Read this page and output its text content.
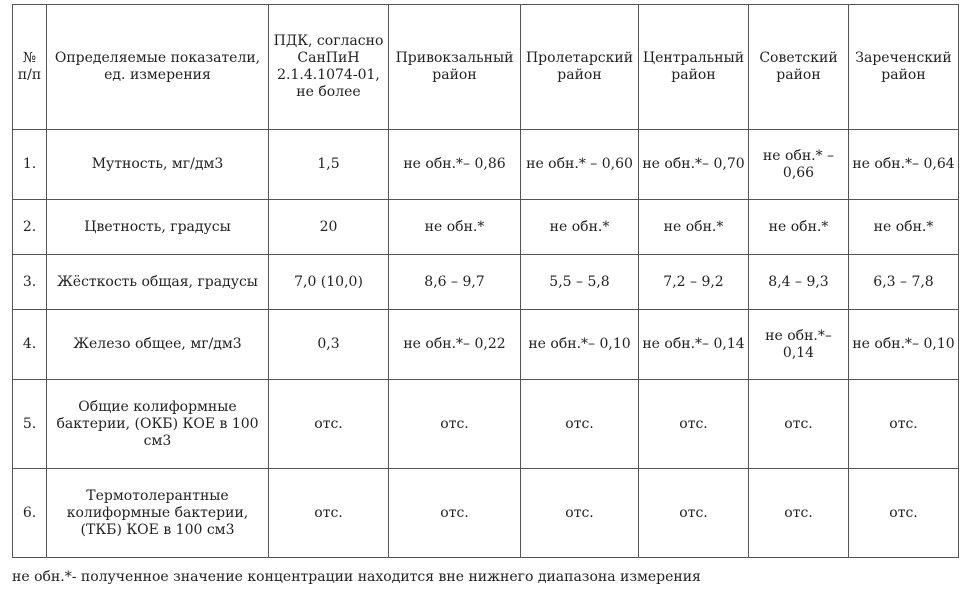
№ п/п	Определяемые показатели, ед. измерения	ПДК, согласно СанПиН 2.1.4.1074-01, не более	Привокзальный район	Пролетарский район	Центральный район	Советский район	Зареченский район
1.	Мутность, мг/дм3	1,5	не обн.*– 0,86	не обн.* – 0,60	не обн.*– 0,70	не обн.* – 0,66	не обн.*– 0,64
2.	Цветность, градусы	20	не обн.*	не обн.*	не обн.*	не обн.*	не обн.*
3.	Жёсткость общая, градусы	7,0 (10,0)	8,6 – 9,7	5,5 – 5,8	7,2 – 9,2	8,4 – 9,3	6,3 – 7,8
4.	Железо общее, мг/дм3	0,3	не обн.*– 0,22	не обн.*– 0,10	не обн.*– 0,14	не обн.*– 0,14	не обн.*– 0,10
5.	Общие колиформные бактерии, (ОКБ) КОЕ в 100 см3	отс.	отс.	отс.	отс.	отс.	отс.
6.	Термотолерантные колиформные бактерии, (ТКБ) КОЕ в 100 см3	отс.	отс.	отс.	отс.	отс.	отс.
не обн.*- полученное значение концентрации находится вне нижнего диапазона измерения
